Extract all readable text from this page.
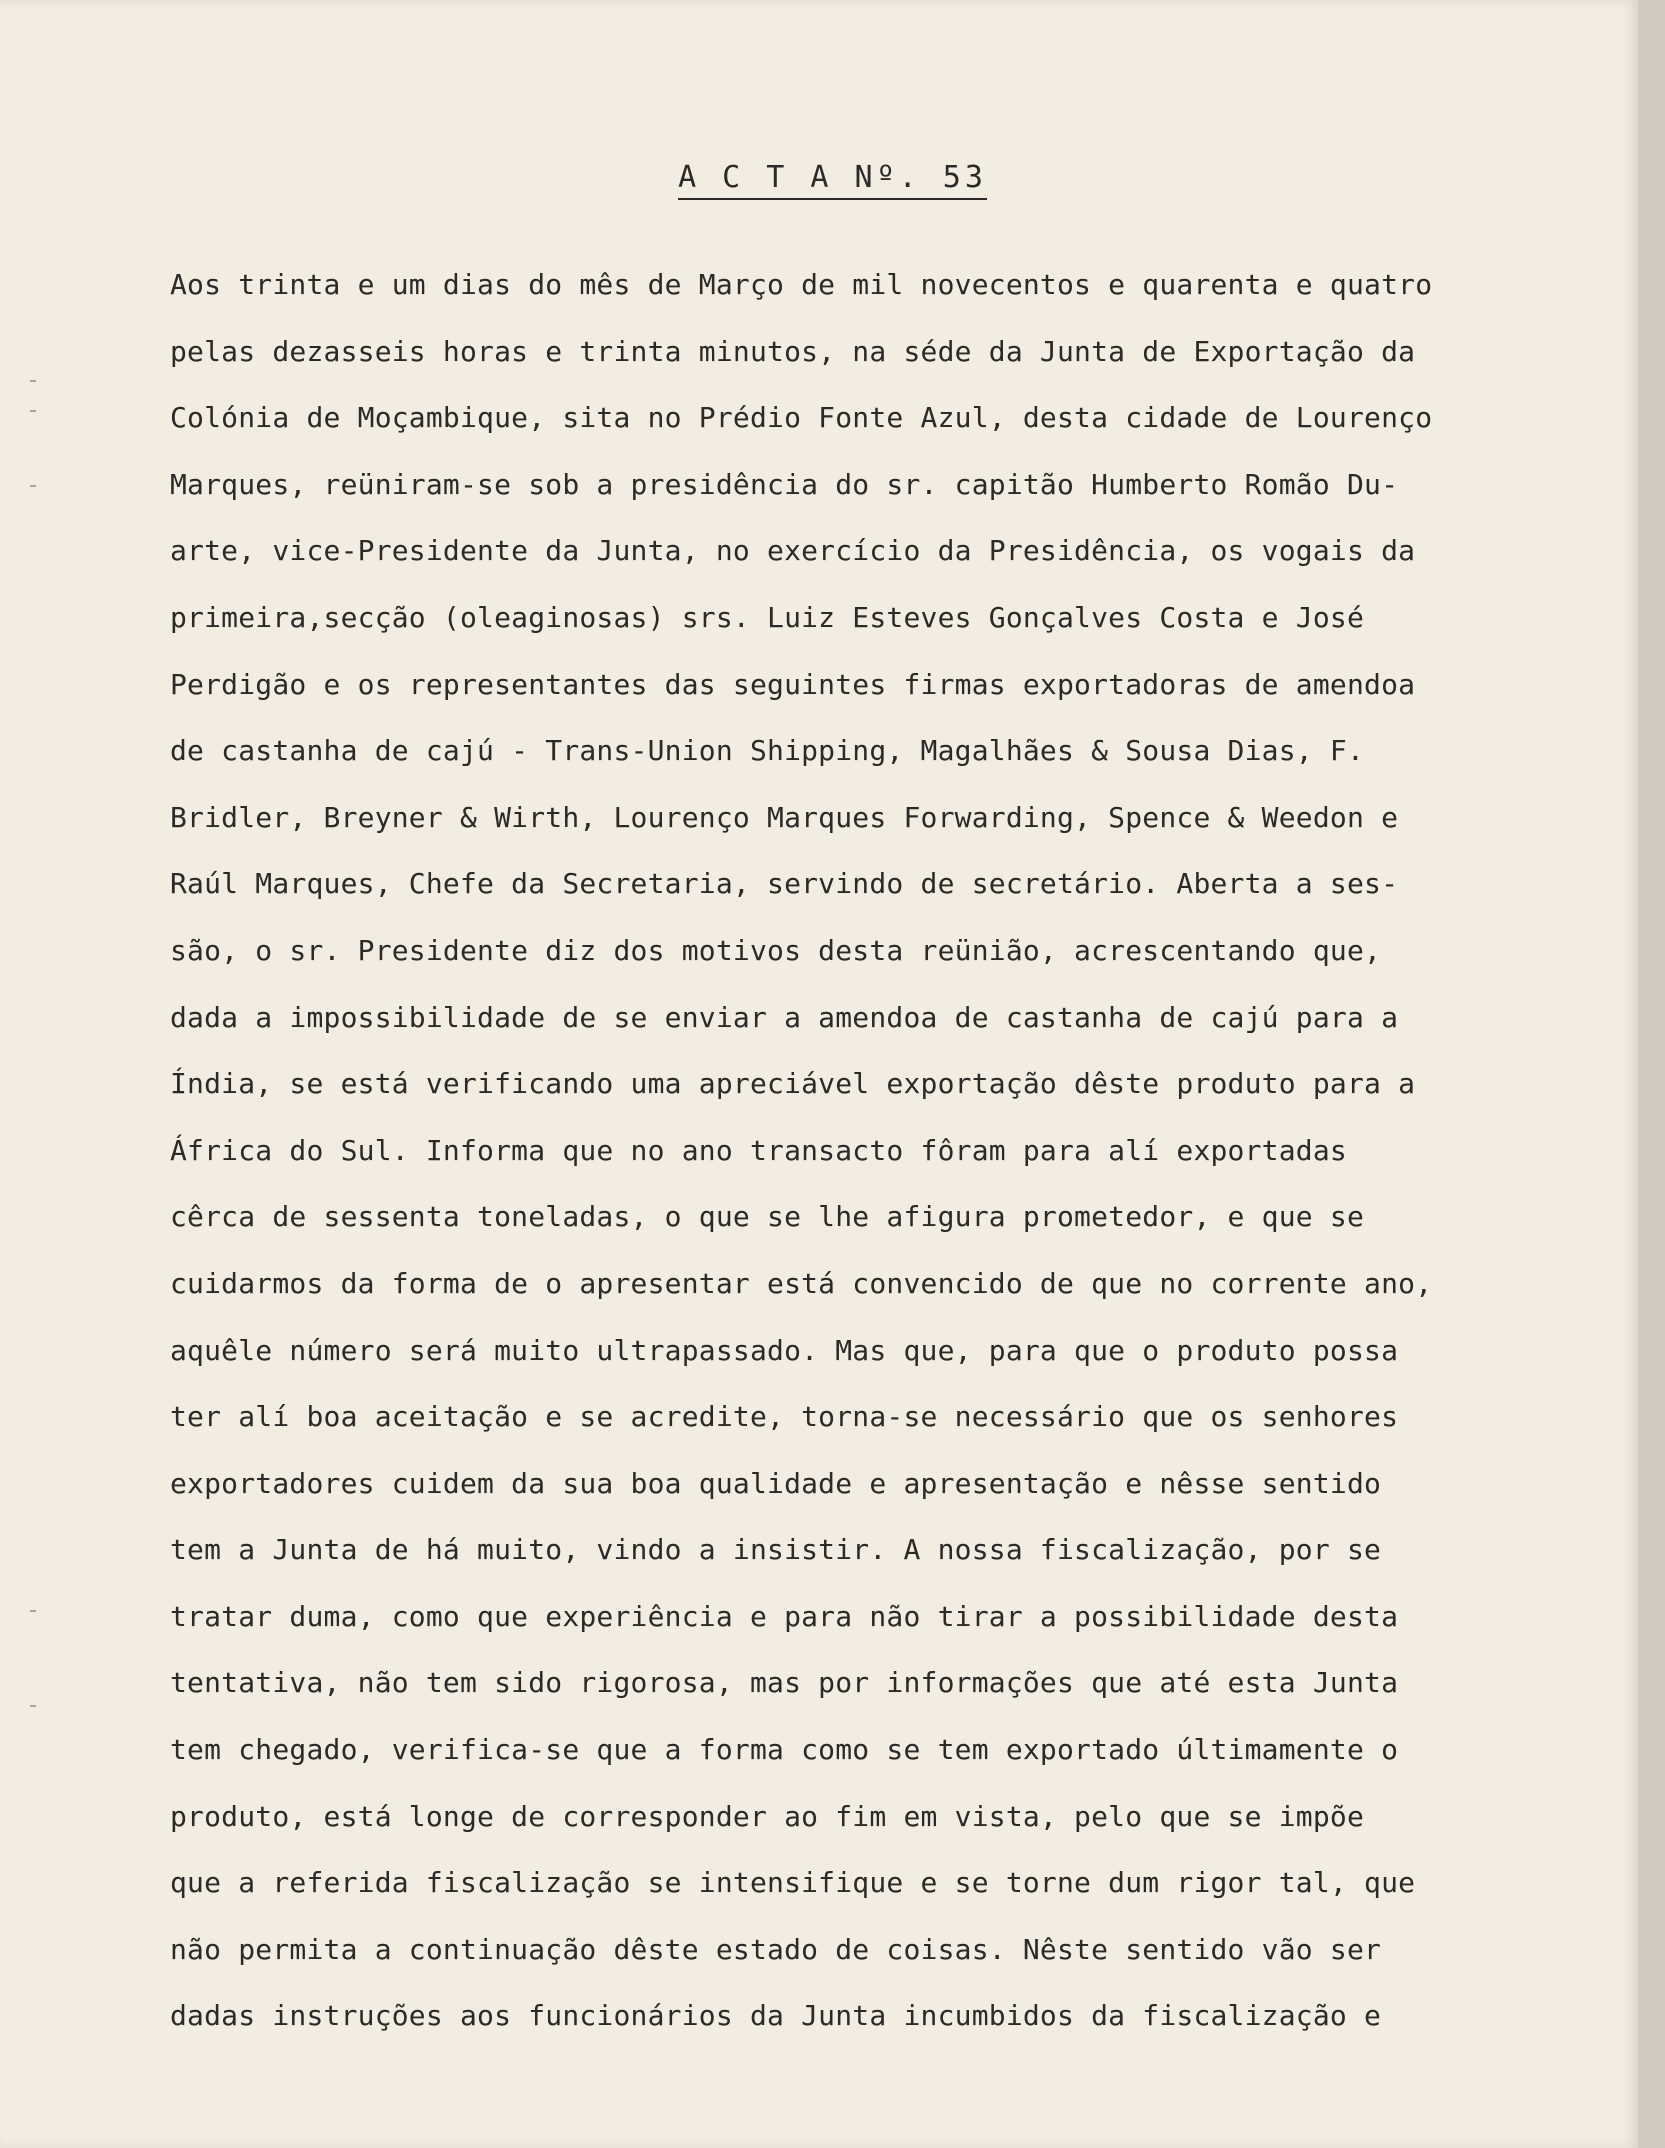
A C T A Nº. 53
Aos trinta e um dias do mês de Março de mil novecentos e quarenta e quatro
pelas dezasseis horas e trinta minutos, na séde da Junta de Exportação da
Colónia de Moçambique, sita no Prédio Fonte Azul, desta cidade de Lourenço
Marques, reüniram-se sob a presidência do sr. capitão Humberto Romão Du-
arte, vice-Presidente da Junta, no exercício da Presidência, os vogais da
primeira,secção (oleaginosas) srs. Luiz Esteves Gonçalves Costa e José
Perdigão e os representantes das seguintes firmas exportadoras de amendoa
de castanha de cajú - Trans-Union Shipping, Magalhães & Sousa Dias, F.
Bridler, Breyner & Wirth, Lourenço Marques Forwarding, Spence & Weedon e
Raúl Marques, Chefe da Secretaria, servindo de secretário. Aberta a ses-
são, o sr. Presidente diz dos motivos desta reünião, acrescentando que,
dada a impossibilidade de se enviar a amendoa de castanha de cajú para a
Índia, se está verificando uma apreciável exportação dêste produto para a
África do Sul. Informa que no ano transacto fôram para alí exportadas
cêrca de sessenta toneladas, o que se lhe afigura prometedor, e que se
cuidarmos da forma de o apresentar está convencido de que no corrente ano,
aquêle número será muito ultrapassado. Mas que, para que o produto possa
ter alí boa aceitação e se acredite, torna-se necessário que os senhores
exportadores cuidem da sua boa qualidade e apresentação e nêsse sentido
tem a Junta de há muito, vindo a insistir. A nossa fiscalização, por se
tratar duma, como que experiência e para não tirar a possibilidade desta
tentativa, não tem sido rigorosa, mas por informações que até esta Junta
tem chegado, verifica-se que a forma como se tem exportado últimamente o
produto, está longe de corresponder ao fim em vista, pelo que se impõe
que a referida fiscalização se intensifique e se torne dum rigor tal, que
não permita a continuação dêste estado de coisas. Nêste sentido vão ser
dadas instruções aos funcionários da Junta incumbidos da fiscalização e
